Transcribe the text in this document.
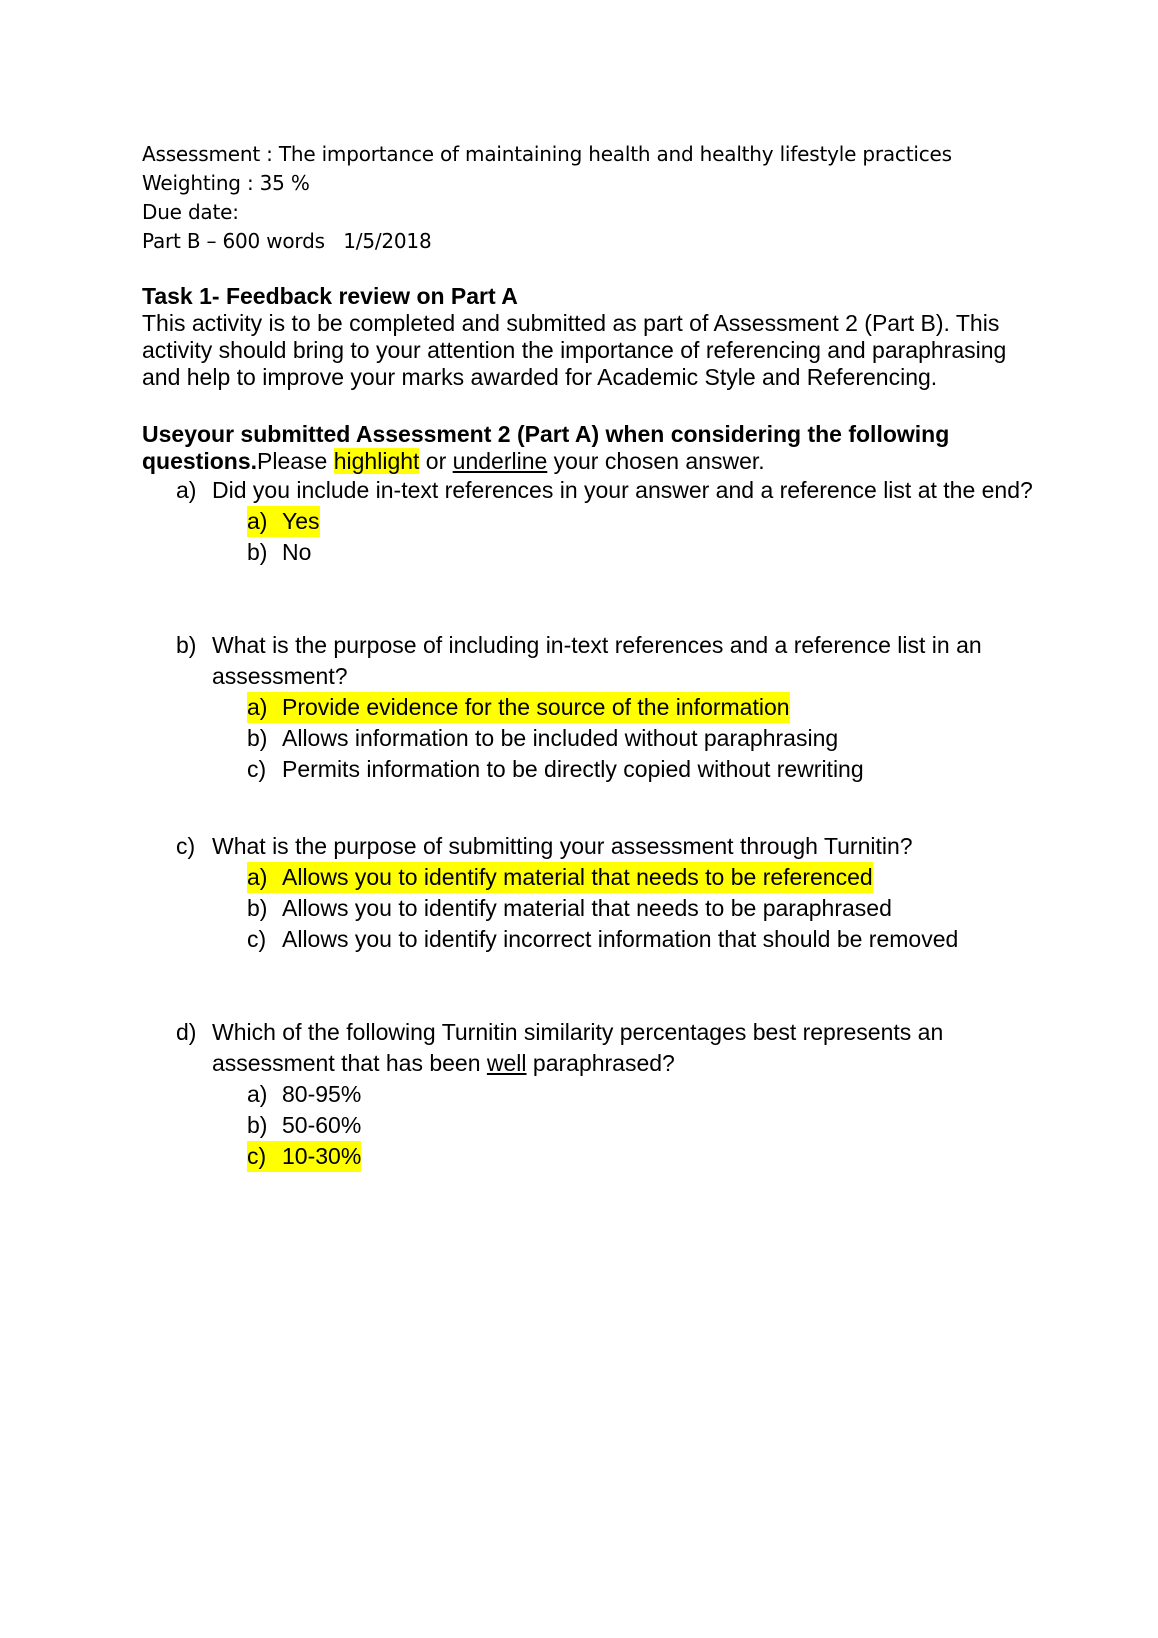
Assessment : The importance of maintaining health and healthy lifestyle practices
Weighting : 35 %
Due date:
Part B – 600 words   1/5/2018
Task 1- Feedback review on Part A
This activity is to be completed and submitted as part of Assessment 2 (Part B). This activity should bring to your attention the importance of referencing and paraphrasing and help to improve your marks awarded for Academic Style and Referencing.
Useyour submitted Assessment 2 (Part A) when considering the following questions.Please highlight or underline your chosen answer.
a) Did you include in-text references in your answer and a reference list at the end?
a) Yes
b) No
b) What is the purpose of including in-text references and a reference list in an assessment?
a) Provide evidence for the source of the information
b) Allows information to be included without paraphrasing
c) Permits information to be directly copied without rewriting
c) What is the purpose of submitting your assessment through Turnitin?
a) Allows you to identify material that needs to be referenced
b) Allows you to identify material that needs to be paraphrased
c) Allows you to identify incorrect information that should be removed
d) Which of the following Turnitin similarity percentages best represents an assessment that has been well paraphrased?
a) 80-95%
b) 50-60%
c) 10-30%
